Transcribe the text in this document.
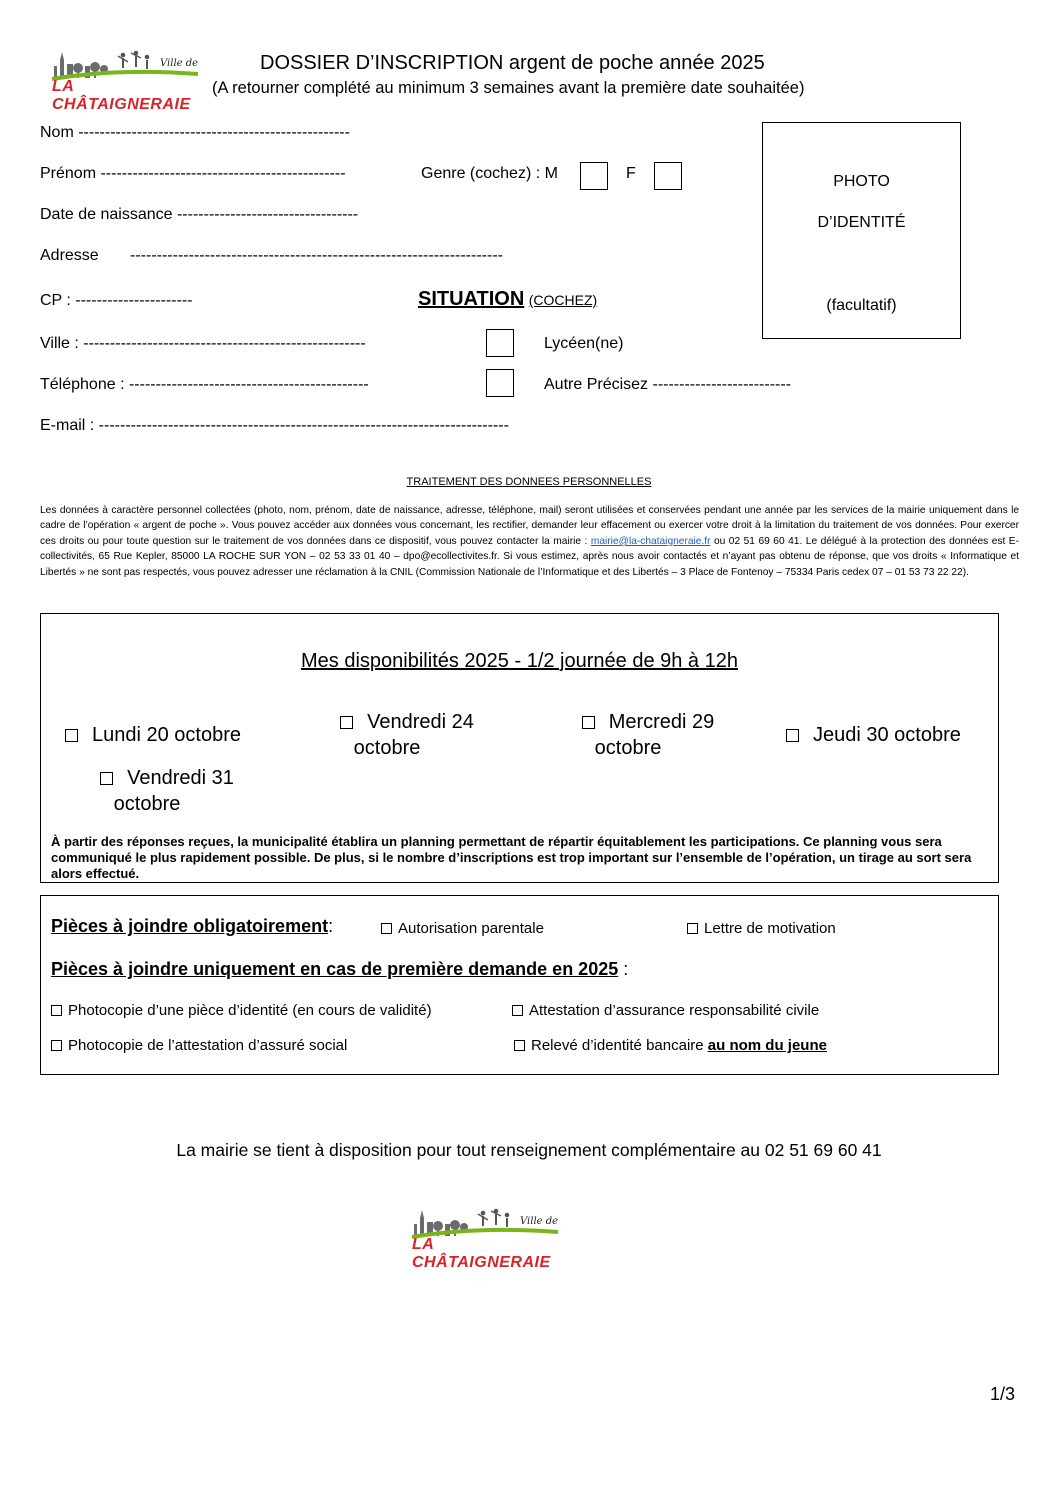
Ville de
LA CHÂTAIGNERAIE
DOSSIER D’INSCRIPTION argent de poche année 2025
(A retourner complété au minimum 3 semaines avant la première date souhaitée)
Nom ---------------------------------------------------
Prénom ----------------------------------------------	Genre (cochez) : M	F
Date de naissance ----------------------------------
Adresse ----------------------------------------------------------------------
CP : ----------------------	SITUATION (COCHEZ)
Ville : -----------------------------------------------------	Lycéen(ne)
Téléphone : ---------------------------------------------	Autre Précisez --------------------------
E-mail : -----------------------------------------------------------------------------
PHOTO
D’IDENTITÉ
(facultatif)
TRAITEMENT DES DONNEES PERSONNELLES
Les données à caractère personnel collectées (photo, nom, prénom, date de naissance, adresse, téléphone, mail) seront utilisées et conservées pendant une année par les services de la mairie uniquement dans le cadre de l’opération « argent de poche ». Vous pouvez accéder aux données vous concernant, les rectifier, demander leur effacement ou exercer votre droit à la limitation du traitement de vos données. Pour exercer ces droits ou pour toute question sur le traitement de vos données dans ce dispositif, vous pouvez contacter la mairie : mairie@la-chataigneraie.fr ou 02 51 69 60 41. Le délégué à la protection des données est E-collectivités, 65 Rue Kepler, 85000 LA ROCHE SUR YON – 02 53 33 01 40 – dpo@ecollectivites.fr. Si vous estimez, après nous avoir contactés et n’ayant pas obtenu de réponse, que vos droits « Informatique et Libertés » ne sont pas respectés, vous pouvez adresser une réclamation à la CNIL (Commission Nationale de l’Informatique et des Libertés – 3 Place de Fontenoy – 75334 Paris cedex 07 – 01 53 73 22 22).
Mes disponibilités 2025 - 1/2 journée de 9h à 12h
Lundi 20 octobre
Vendredi 24
octobre
Mercredi 29
octobre
Jeudi 30 octobre
Vendredi 31
octobre
À partir des réponses reçues, la municipalité établira un planning permettant de répartir équitablement les participations. Ce planning vous sera communiqué le plus rapidement possible. De plus, si le nombre d’inscriptions est trop important sur l’ensemble de l’opération, un tirage au sort sera alors effectué.
Pièces à joindre obligatoirement:	Autorisation parentale	Lettre de motivation
Pièces à joindre uniquement en cas de première demande en 2025 :
Photocopie d’une pièce d’identité (en cours de validité)	Attestation d’assurance responsabilité civile
Photocopie de l’attestation d’assuré social	Relevé d’identité bancaire au nom du jeune
La mairie se tient à disposition pour tout renseignement complémentaire au 02 51 69 60 41
Ville de
LA CHÂTAIGNERAIE
1/3
